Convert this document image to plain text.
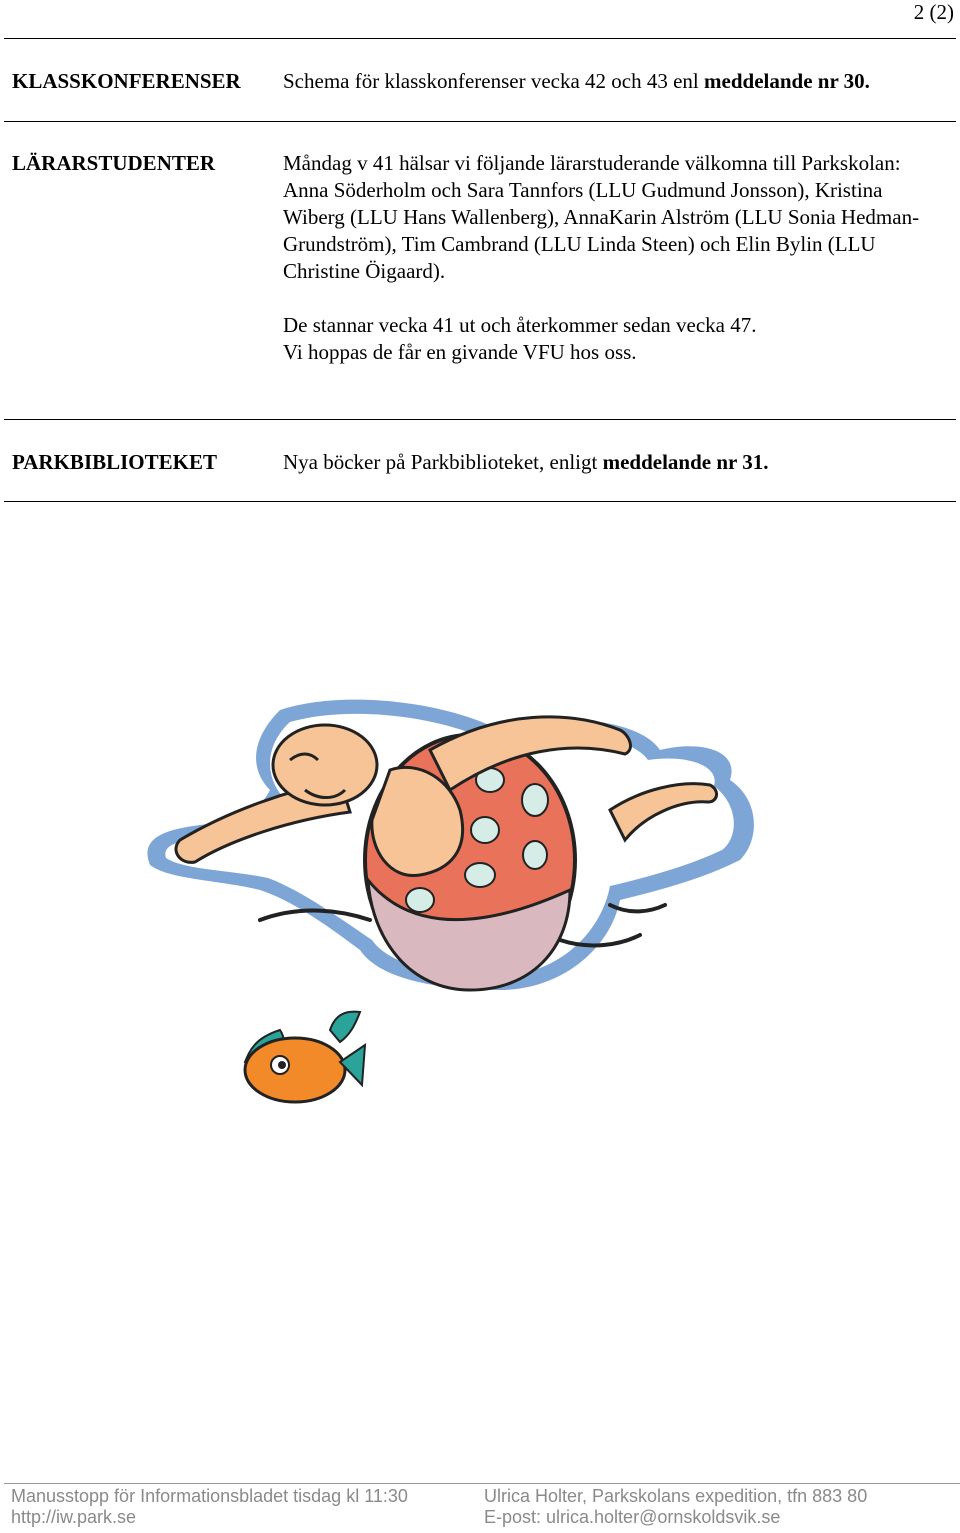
2 (2)
KLASSKONFERENSER Schema för klasskonferenser vecka 42 och 43 enl meddelande nr 30.
LÄRARSTUDENTER	Måndag v 41 hälsar vi följande lärarstuderande välkomna till Parkskolan:

Anna Söderholm och Sara Tannfors (LLU Gudmund Jonsson), Kristina Wiberg (LLU Hans Wallenberg), AnnaKarin Alström (LLU Sonia Hedman-Grundström), Tim Cambrand (LLU Linda Steen) och Elin Bylin (LLU Christine Öigaard).

De stannar vecka 41 ut och återkommer sedan vecka 47.

Vi hoppas de får en givande VFU hos oss.

PARKBIBLIOTEKET	Nya böcker på Parkbiblioteket, enligt meddelande nr 31.
Manusstopp för Informationsbladet tisdag kl 11:30
http://iw.park.se
Ulrica Holter, Parkskolans expedition, tfn 883 80
E-post: ulrica.holter@ornskoldsvik.se
